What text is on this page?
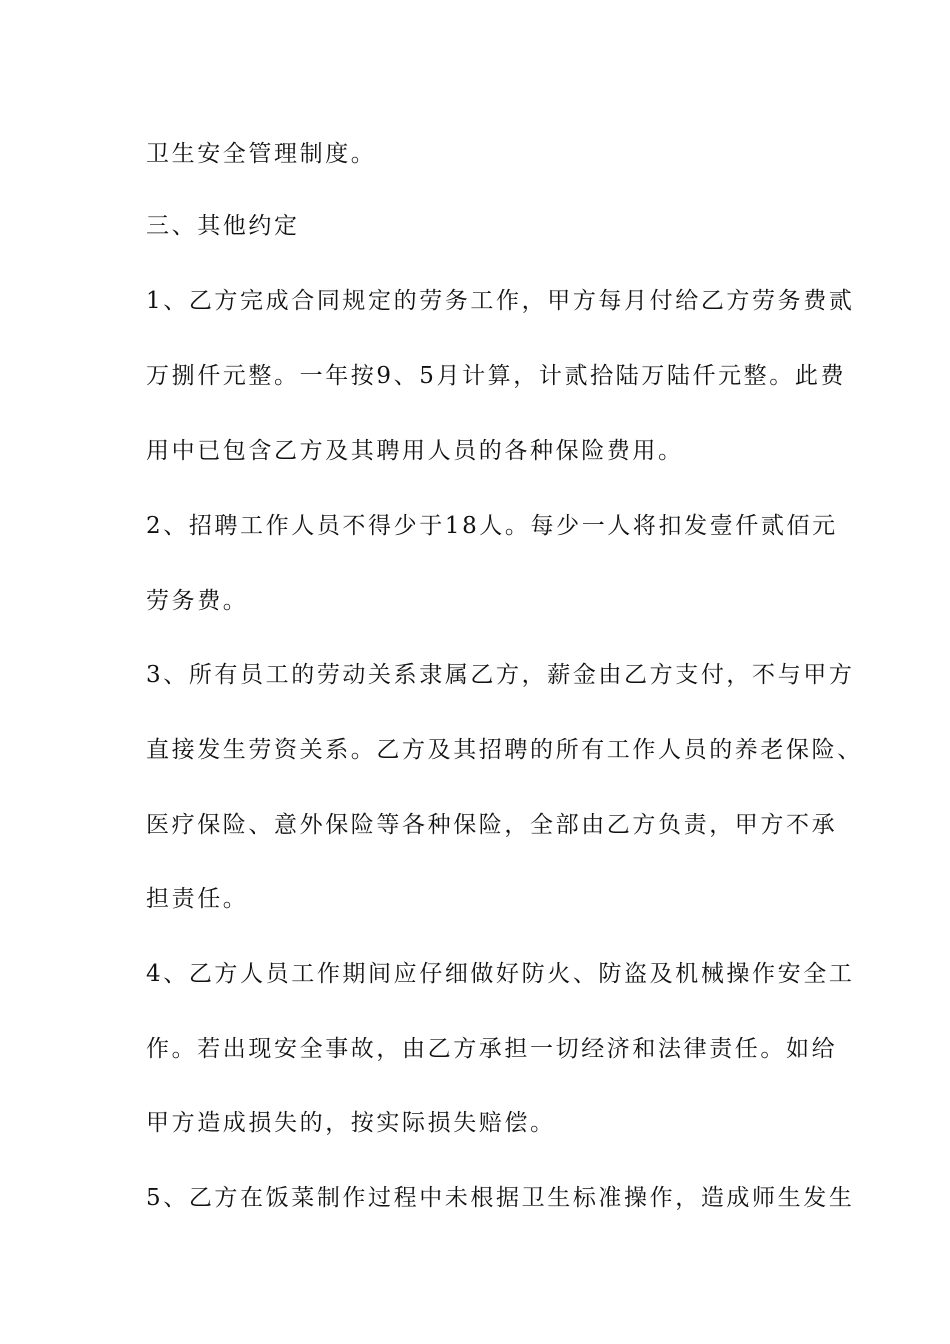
卫生安全管理制度。
三、其他约定
1、乙方完成合同规定的劳务工作，甲方每月付给乙方劳务费贰
万捌仟元整。一年按9、5月计算，计贰拾陆万陆仟元整。此费
用中已包含乙方及其聘用人员的各种保险费用。
2、招聘工作人员不得少于18人。每少一人将扣发壹仟贰佰元
劳务费。
3、所有员工的劳动关系隶属乙方，薪金由乙方支付，不与甲方
直接发生劳资关系。乙方及其招聘的所有工作人员的养老保险、
医疗保险、意外保险等各种保险，全部由乙方负责，甲方不承
担责任。
4、乙方人员工作期间应仔细做好防火、防盗及机械操作安全工
作。若出现安全事故，由乙方承担一切经济和法律责任。如给
甲方造成损失的，按实际损失赔偿。
5、乙方在饭菜制作过程中未根据卫生标准操作，造成师生发生
